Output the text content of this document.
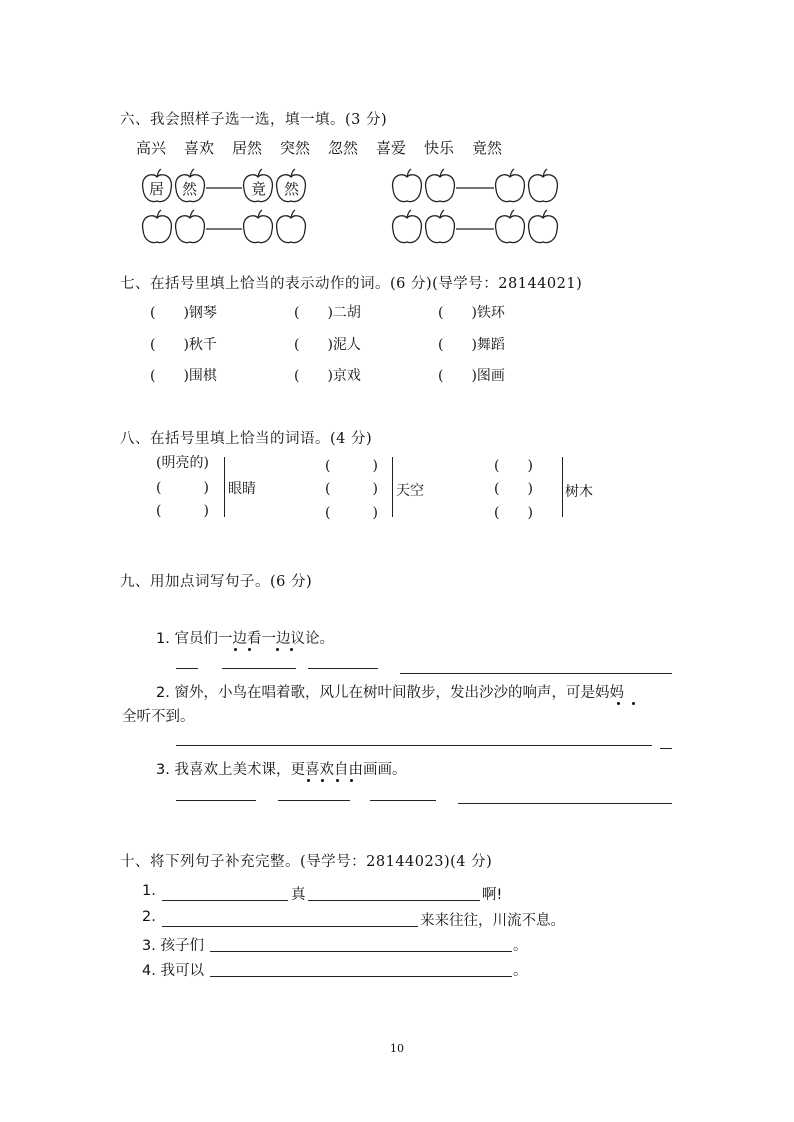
六、我会照样子选一选，填一填。(3 分)
高兴 喜欢 居然 突然 忽然 喜爱 快乐 竟然
居 然	竟 然
七、在括号里填上恰当的表示动作的词。(6 分)(导学号：28144021)
(　　)钢琴	(　　)二胡	(　　)铁环
(　　)秋千	(　　)泥人	(　　)舞蹈
(　　)围棋	(　　)京戏	(　　)图画
八、在括号里填上恰当的词语。(4 分)
(明亮的)
(　　　)
(　　　)
眼睛
(　　　)
(　　　)
(　　　)
天空
(　　)
(　　)
(　　)
树木
九、用加点词写句子。(6 分)
1. 官员们一边看一边议论。
2. 窗外，小鸟在唱着歌，风儿在树叶间散步，发出沙沙的响声，可是妈妈
全听不到。
3. 我喜欢上美术课，更喜欢自由画画。
十、将下列句子补充完整。(导学号：28144023)(4 分)
1.	真	啊!
2.	来来往往，川流不息。
3. 孩子们	。
4. 我可以	。
10
